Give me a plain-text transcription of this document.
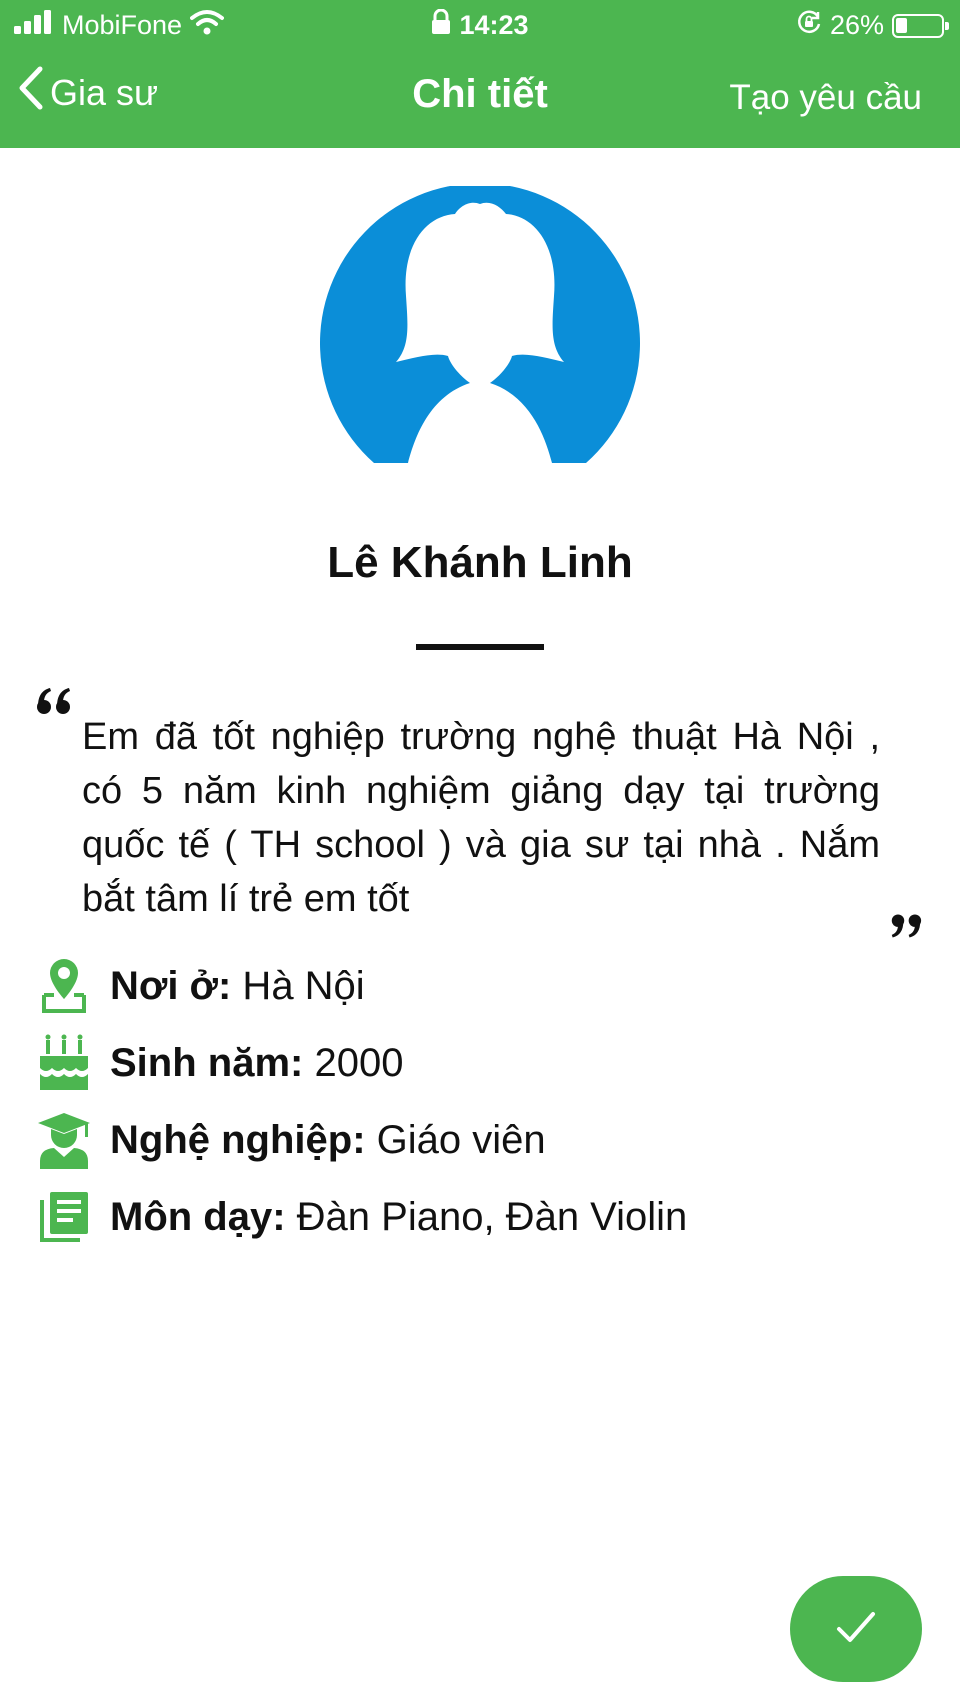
MobiFone	14:23	26%
Gia sư	Chi tiết	Tạo yêu cầu
Lê Khánh Linh
Em đã tốt nghiệp trường nghệ thuật Hà Nội , có 5 năm kinh nghiệm giảng dạy tại trường quốc tế ( TH school ) và gia sư tại nhà . Nắm bắt tâm lí trẻ em tốt
Nơi ở: Hà Nội
Sinh năm: 2000
Nghệ nghiệp: Giáo viên
Môn dạy: Đàn Piano, Đàn Violin
